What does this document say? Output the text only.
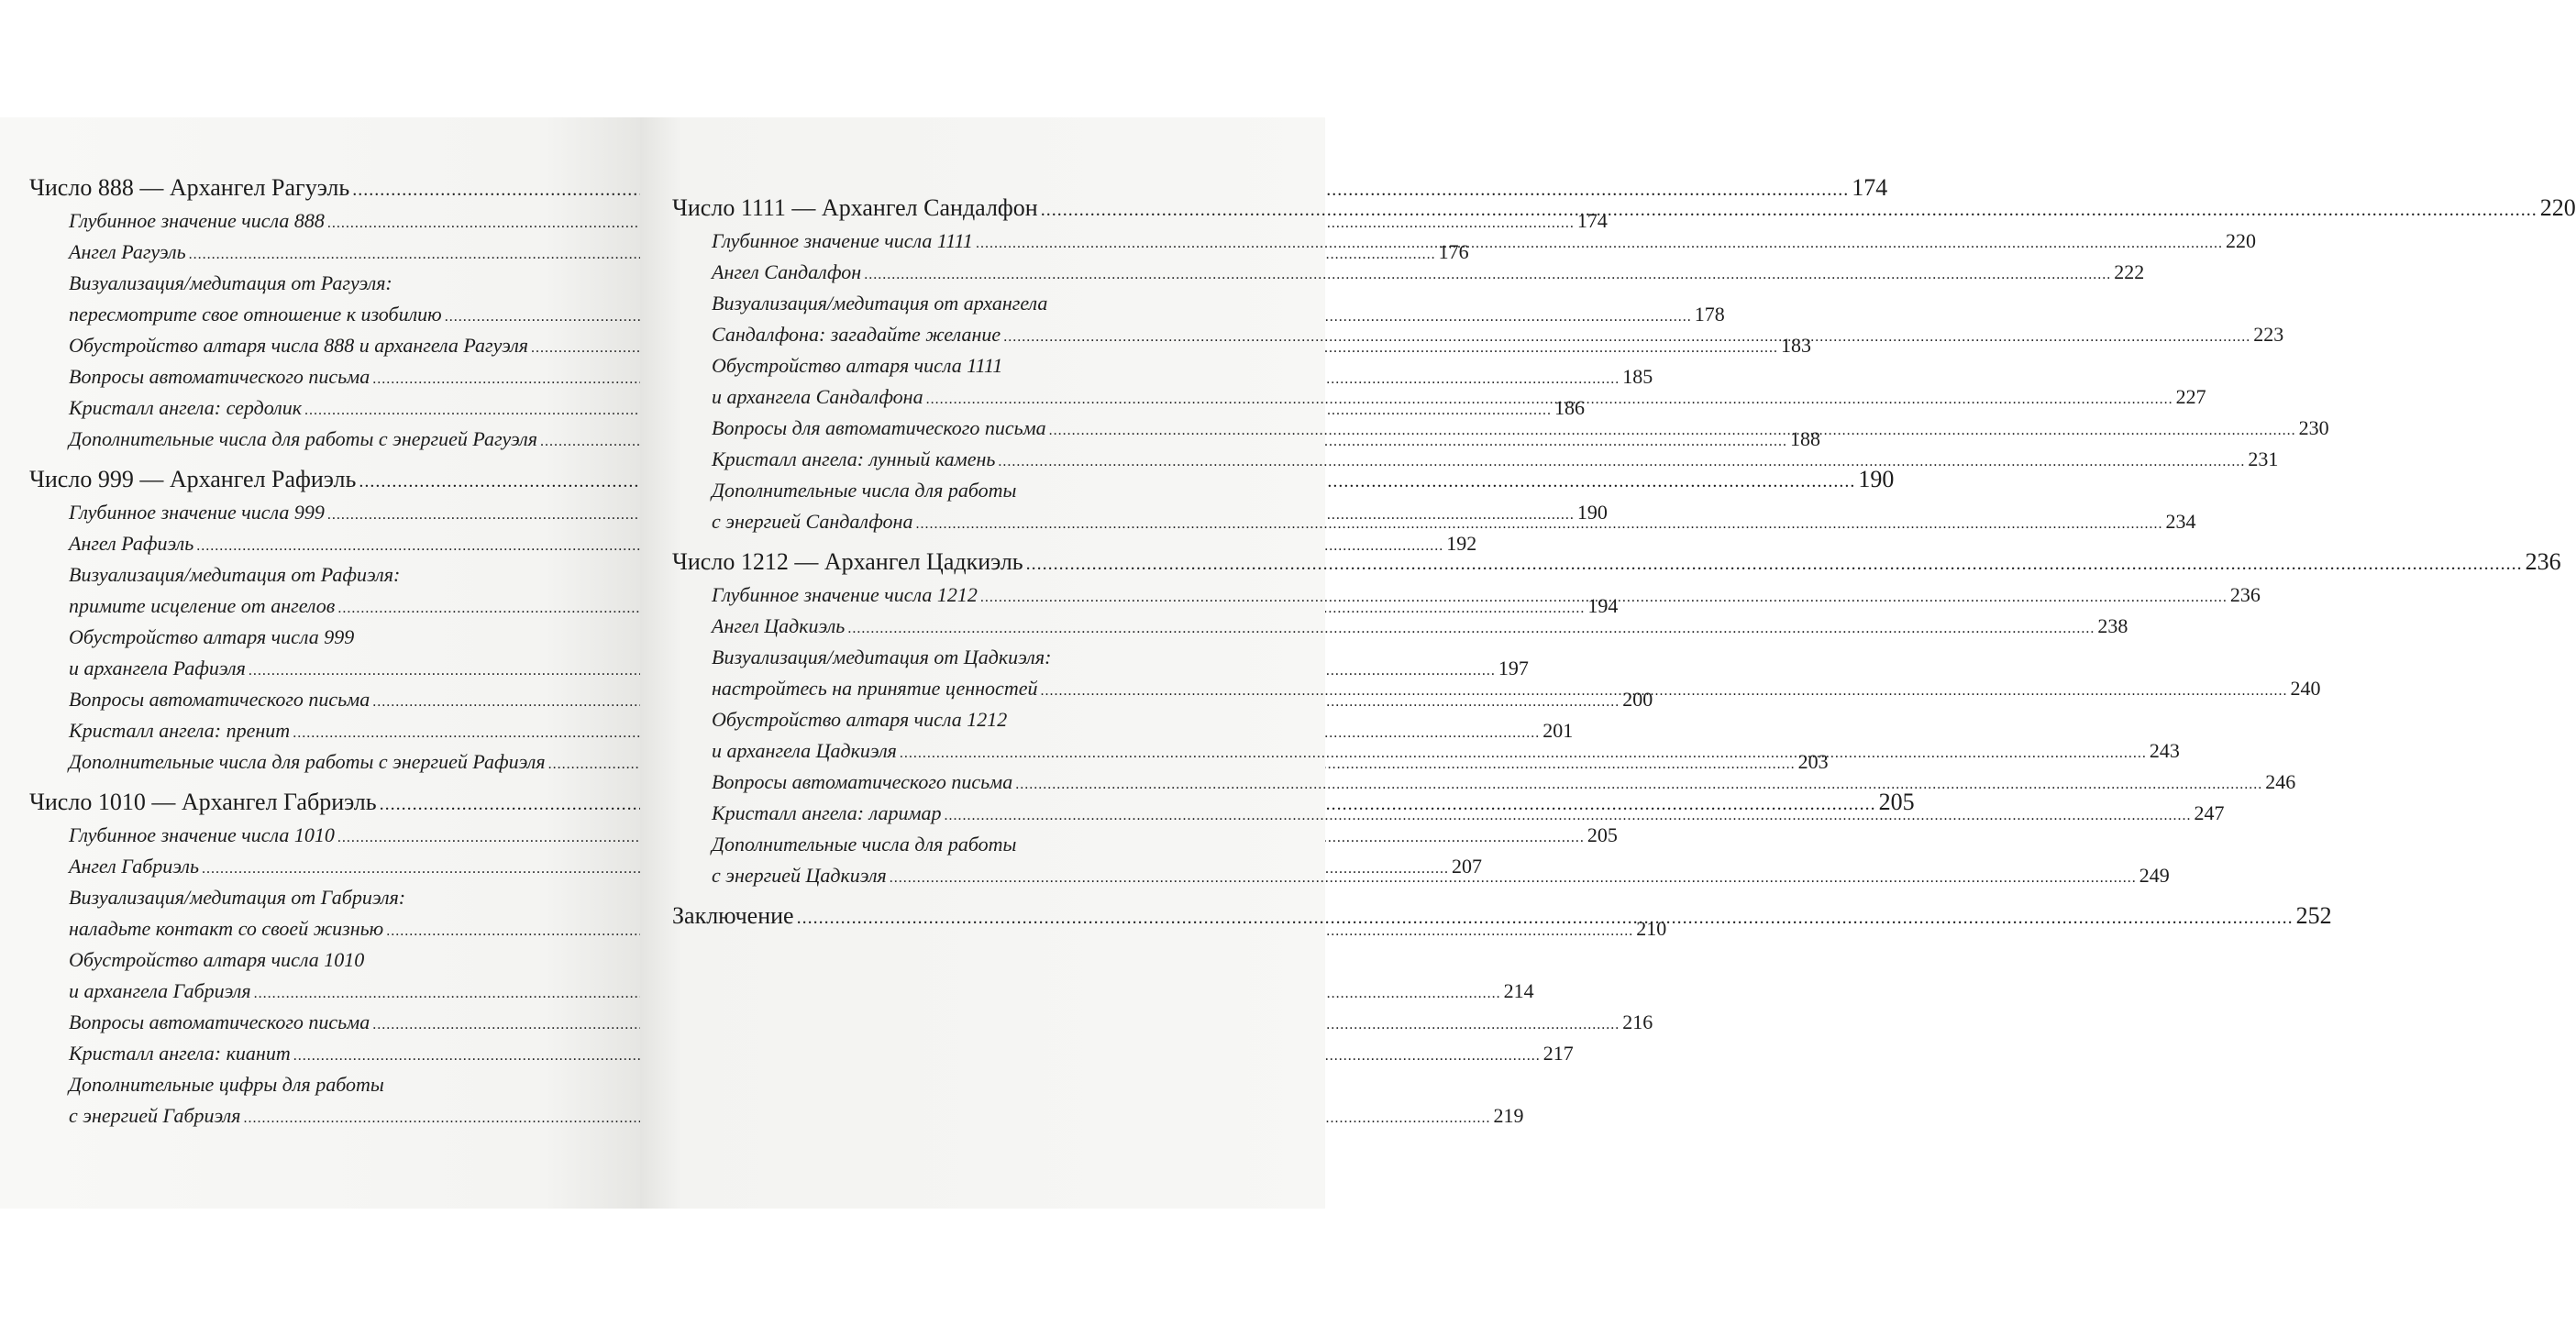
Число 888 — Архангел Рагуэль .....	174
Глубинное значение числа 888 .....	174
Ангел Рагуэль .....	176
Визуализация/медитация от Рагуэля:
пересмотрите свое отношение к изобилию .....	178
Обустройство алтаря числа 888 и архангела Рагуэля .....	183
Вопросы автоматического письма .....	185
Кристалл ангела: сердолик .....	186
Дополнительные числа для работы с энергией Рагуэля .....	188
Число 999 — Архангел Рафиэль .....	190
Глубинное значение числа 999 .....	190
Ангел Рафиэль .....	192
Визуализация/медитация от Рафиэля:
примите исцеление от ангелов .....	194
Обустройство алтаря числа 999
и архангела Рафиэля .....	197
Вопросы автоматического письма .....	200
Кристалл ангела: пренит .....	201
Дополнительные числа для работы с энергией Рафиэля .....	203
Число 1010 — Архангел Габриэль .....	205
Глубинное значение числа 1010 .....	205
Ангел Габриэль .....	207
Визуализация/медитация от Габриэля:
наладьте контакт со своей жизнью .....	210
Обустройство алтаря числа 1010
и архангела Габриэля .....	214
Вопросы автоматического письма .....	216
Кристалл ангела: кианит .....	217
Дополнительные цифры для работы
с энергией Габриэля .....	219
Число 1111 — Архангел Сандалфон .....	220
Глубинное значение числа 1111 .....	220
Ангел Сандалфон .....	222
Визуализация/медитация от архангела
Сандалфона: загадайте желание .....	223
Обустройство алтаря числа 1111
и архангела Сандалфона .....	227
Вопросы для автоматического письма .....	230
Кристалл ангела: лунный камень .....	231
Дополнительные числа для работы
с энергией Сандалфона .....	234
Число 1212 — Архангел Цадкиэль .....	236
Глубинное значение числа 1212 .....	236
Ангел Цадкиэль .....	238
Визуализация/медитация от Цадкиэля:
настройтесь на принятие ценностей .....	240
Обустройство алтаря числа 1212
и архангела Цадкиэля .....	243
Вопросы автоматического письма .....	246
Кристалл ангела: ларимар .....	247
Дополнительные числа для работы
с энергией Цадкиэля .....	249
Заключение .....	252
